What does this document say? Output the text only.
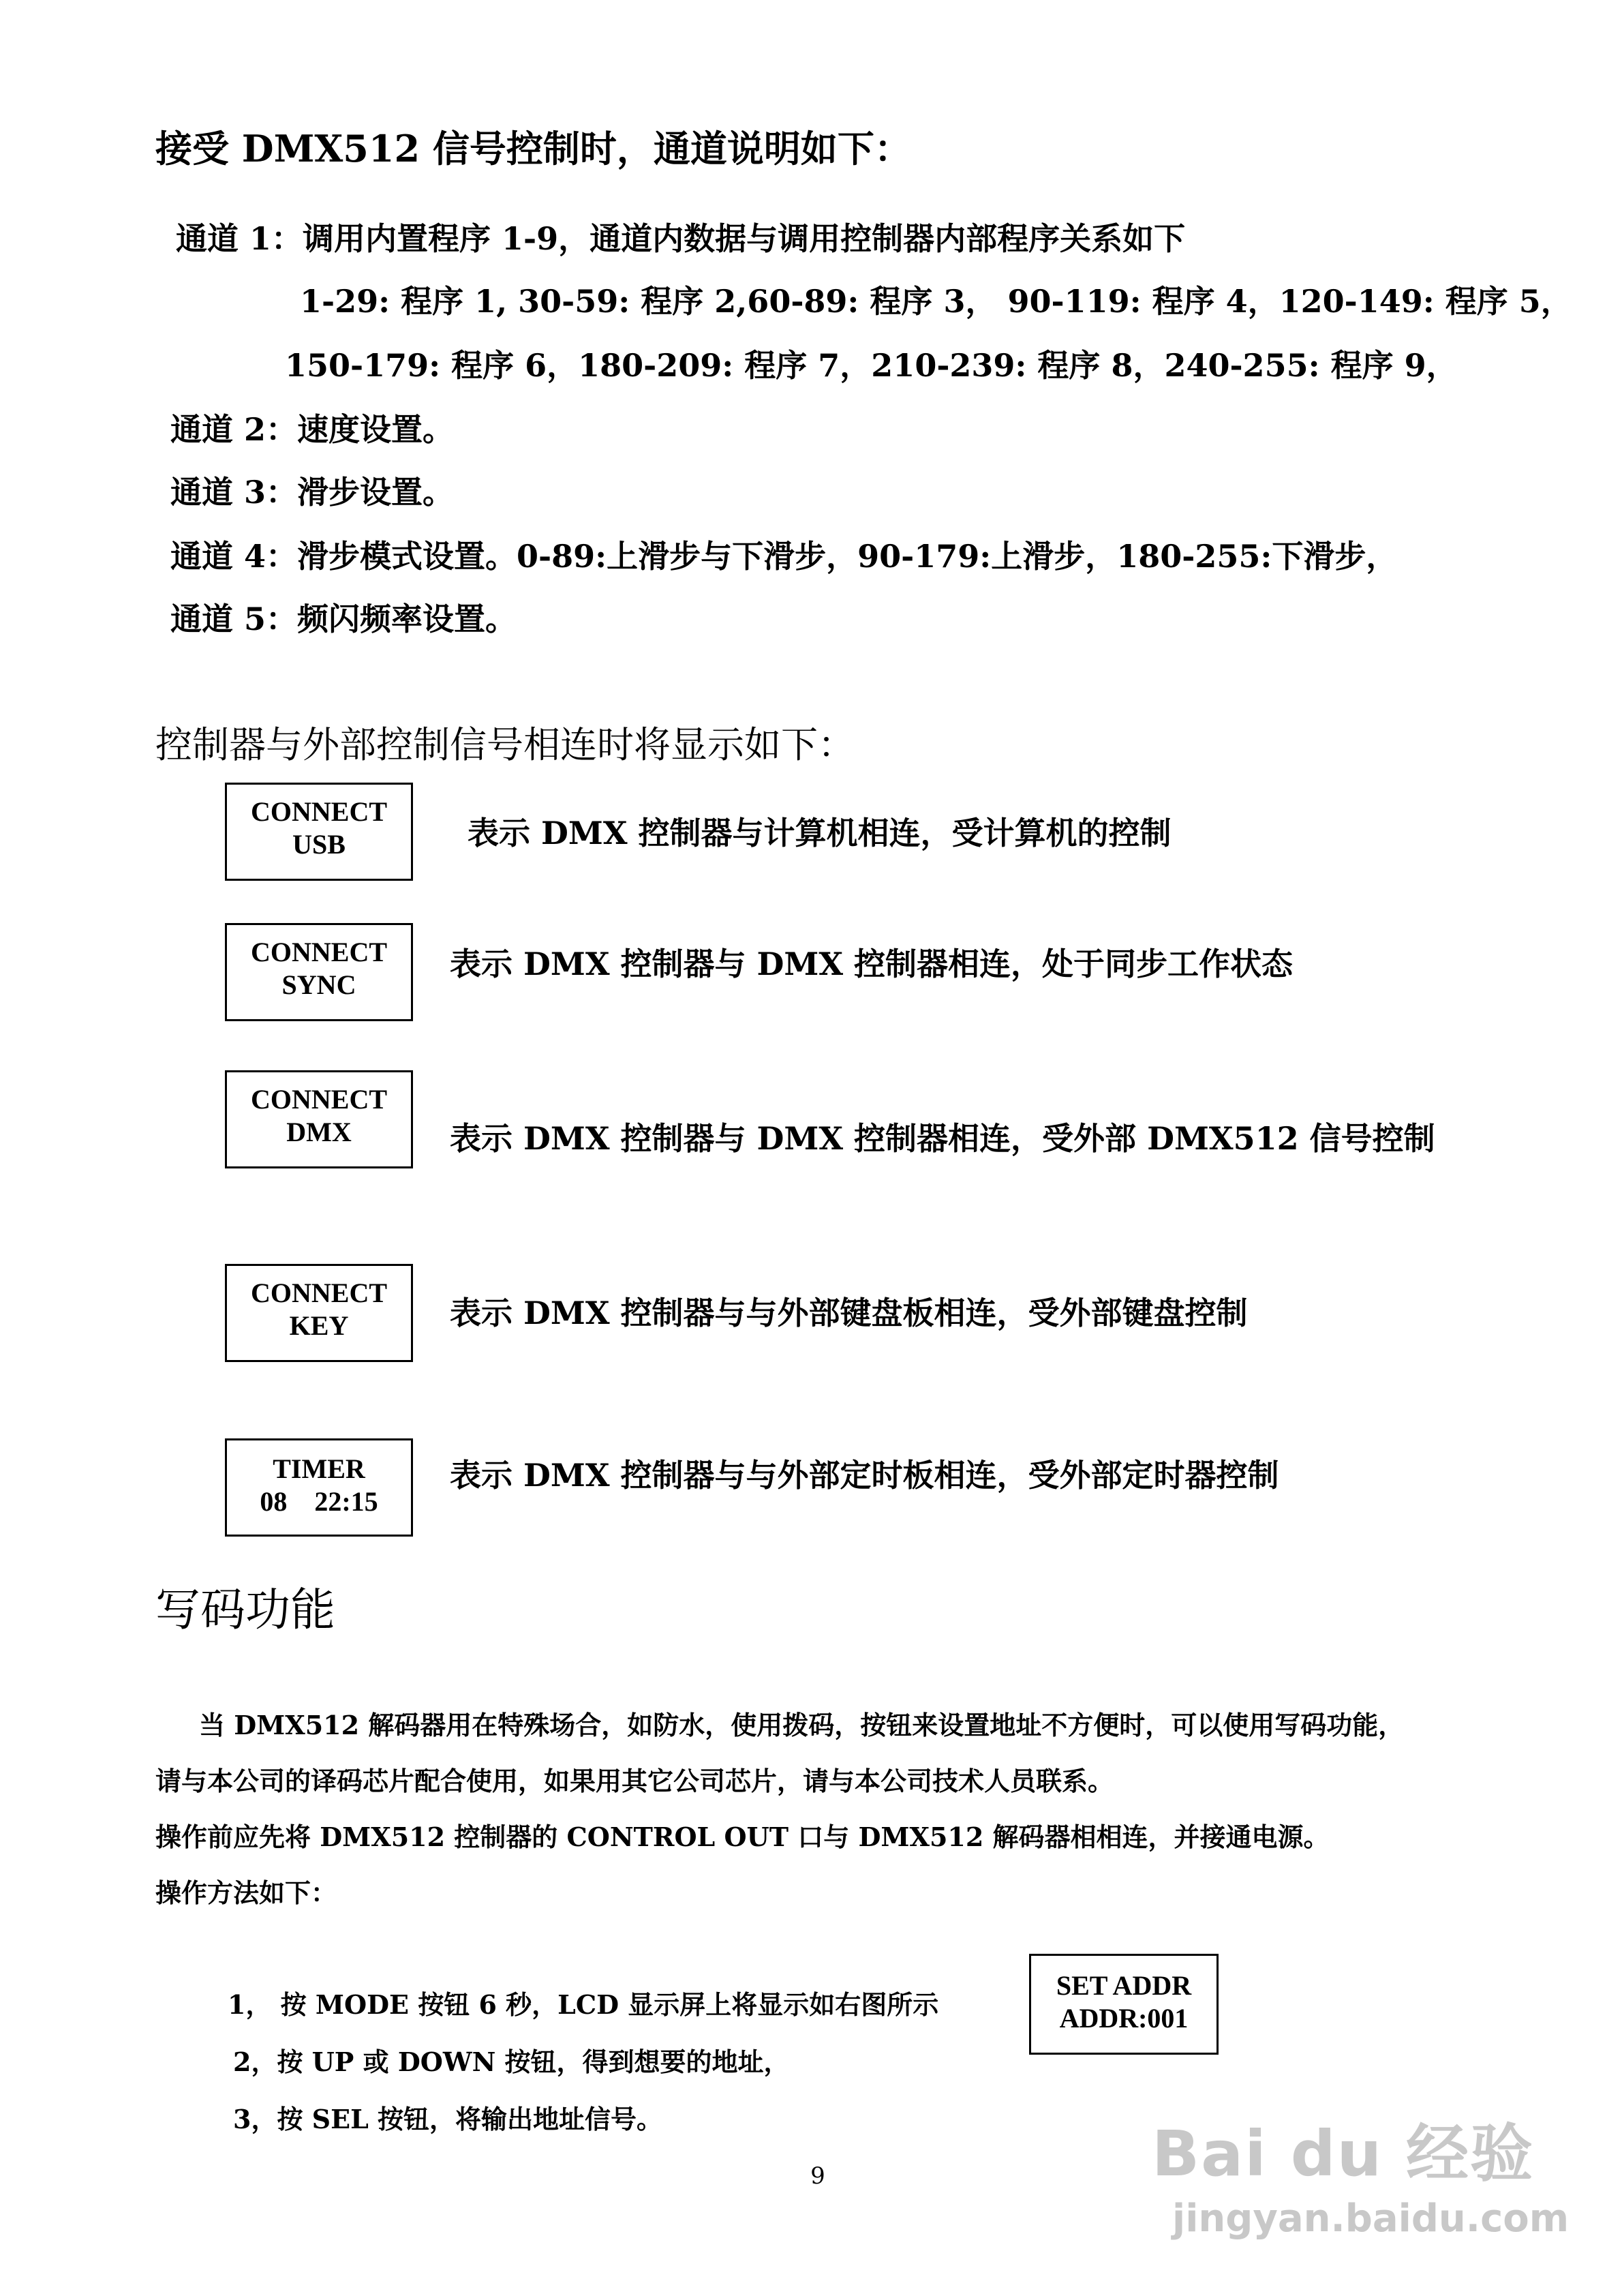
接受 DMX512 信号控制时，通道说明如下：
通道 1：调用内置程序 1-9，通道内数据与调用控制器内部程序关系如下
1-29: 程序 1, 30-59: 程序 2,60-89: 程序 3， 90-119: 程序 4，120-149: 程序 5，
150-179: 程序 6，180-209: 程序 7，210-239: 程序 8，240-255: 程序 9，
通道 2：速度设置。
通道 3：滑步设置。
通道 4：滑步模式设置。0-89:上滑步与下滑步，90-179:上滑步，180-255:下滑步，
通道 5：频闪频率设置。
控制器与外部控制信号相连时将显示如下：
CONNECT
USB	表示 DMX 控制器与计算机相连，受计算机的控制
CONNECT
SYNC
表示 DMX 控制器与 DMX 控制器相连，处于同步工作状态
CONNECT
DMX	表示 DMX 控制器与 DMX 控制器相连，受外部 DMX512 信号控制
CONNECT
KEY	表示 DMX 控制器与与外部键盘板相连，受外部键盘控制
TIMER
08    22:15
表示 DMX 控制器与与外部定时板相连，受外部定时器控制
写码功能
当 DMX512 解码器用在特殊场合，如防水，使用拨码，按钮来设置地址不方便时，可以使用写码功能，
请与本公司的译码芯片配合使用，如果用其它公司芯片，请与本公司技术人员联系。
操作前应先将 DMX512 控制器的 CONTROL OUT 口与 DMX512 解码器相相连，并接通电源。
操作方法如下：
1， 按 MODE 按钮 6 秒，LCD 显示屏上将显示如右图所示
2，按 UP 或 DOWN 按钮，得到想要的地址，
3，按 SEL 按钮，将输出地址信号。
SET ADDR
ADDR:001
9	Bai du 经验
jingyan.baidu.com
